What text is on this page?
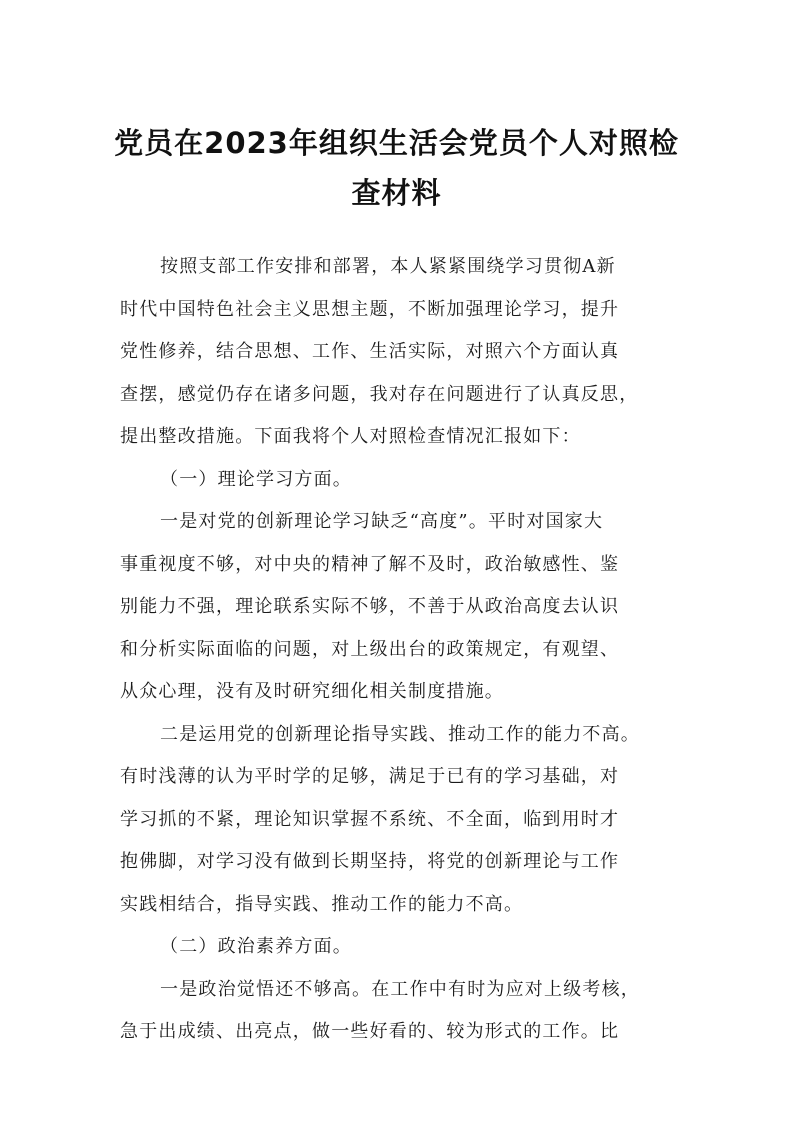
党员在2023年组织生活会党员个人对照检
查材料
按照支部工作安排和部署，本人紧紧围绕学习贯彻A新
时代中国特色社会主义思想主题，不断加强理论学习，提升
党性修养，结合思想、工作、生活实际，对照六个方面认真
查摆，感觉仍存在诸多问题，我对存在问题进行了认真反思，
提出整改措施。下面我将个人对照检查情况汇报如下：
（一）理论学习方面。
一是对党的创新理论学习缺乏“高度”。平时对国家大
事重视度不够，对中央的精神了解不及时，政治敏感性、鉴
别能力不强，理论联系实际不够，不善于从政治高度去认识
和分析实际面临的问题，对上级出台的政策规定，有观望、
从众心理，没有及时研究细化相关制度措施。
二是运用党的创新理论指导实践、推动工作的能力不高。
有时浅薄的认为平时学的足够，满足于已有的学习基础，对
学习抓的不紧，理论知识掌握不系统、不全面，临到用时才
抱佛脚，对学习没有做到长期坚持，将党的创新理论与工作
实践相结合，指导实践、推动工作的能力不高。
（二）政治素养方面。
一是政治觉悟还不够高。在工作中有时为应对上级考核，
急于出成绩、出亮点，做一些好看的、较为形式的工作。比
